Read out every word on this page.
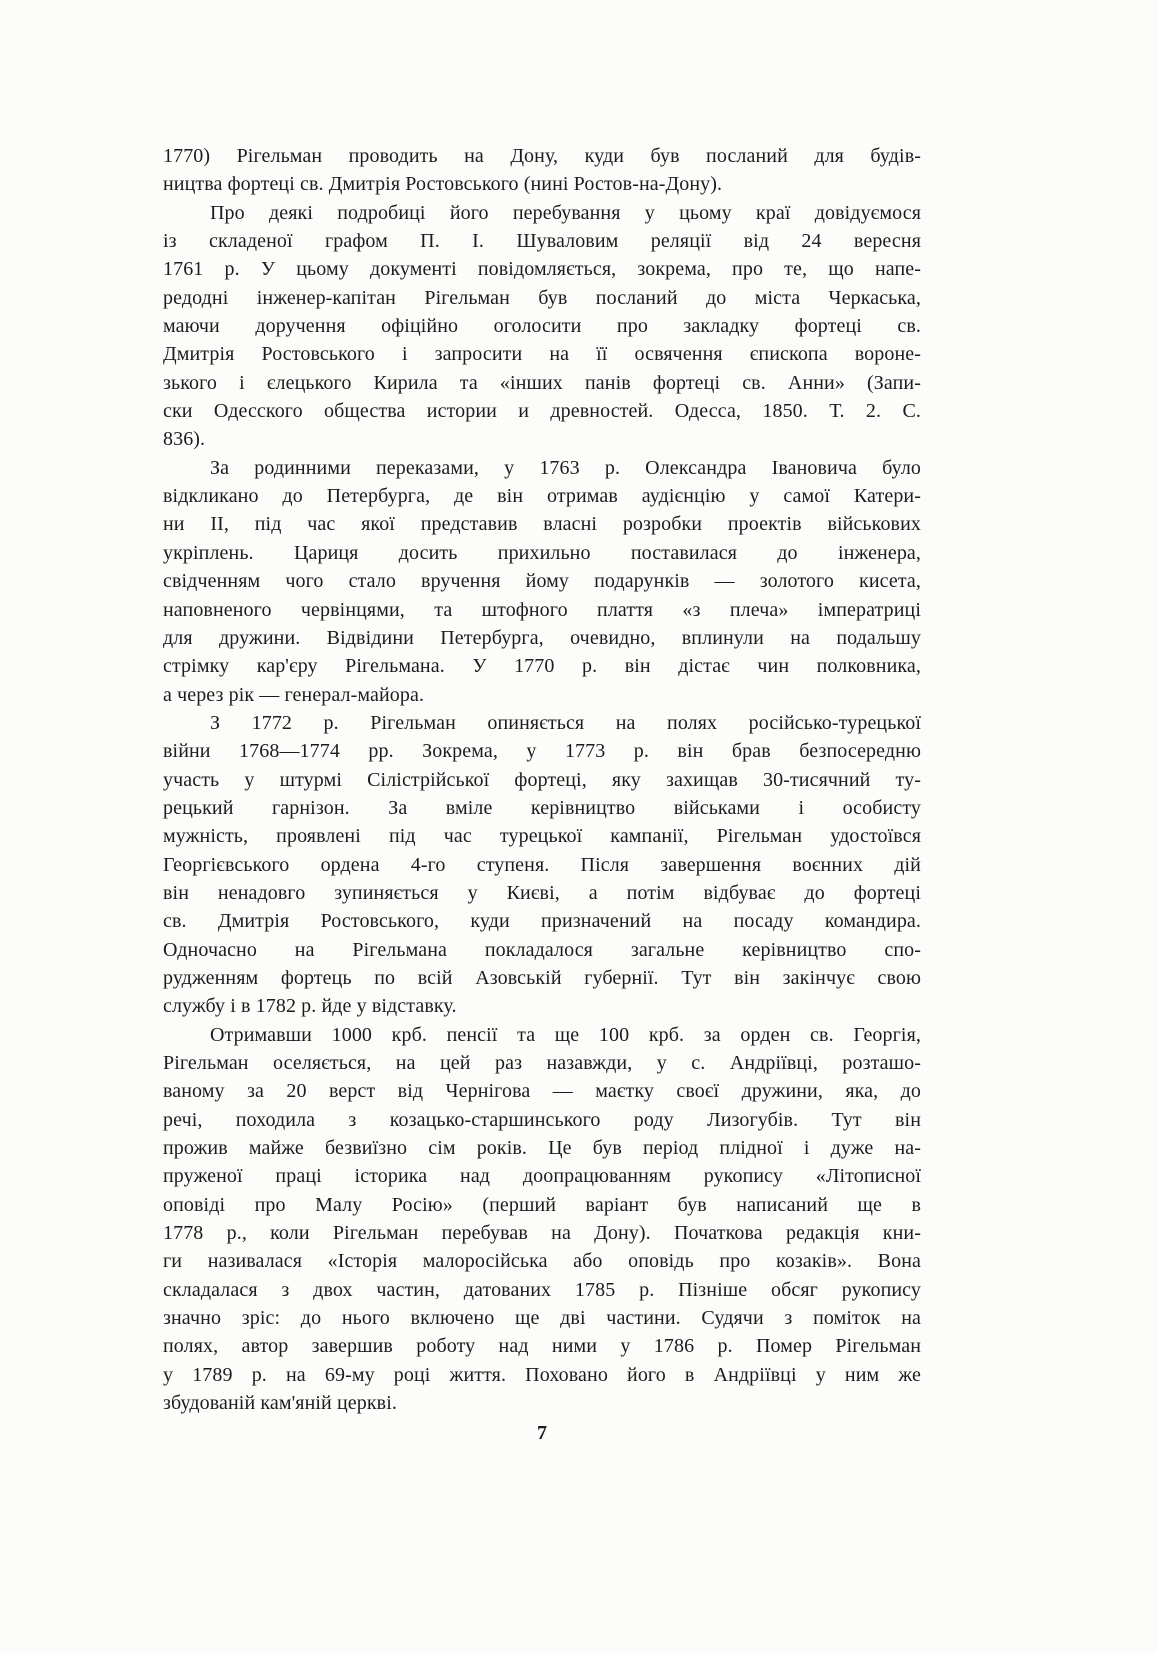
1770) Рігельман проводить на Дону, куди був посланий для будів-
ництва фортеці св. Дмитрія Ростовського (нині Ростов-на-Дону).

Про деякі подробиці його перебування у цьому краї довідуємося
із складеної графом П. І. Шуваловим реляції від 24 вересня
1761 р. У цьому документі повідомляється, зокрема, про те, що напе-
редодні інженер-капітан Рігельман був посланий до міста Черкаська,
маючи доручення офіційно оголосити про закладку фортеці св.
Дмитрія Ростовського і запросити на її освячення єпископа вороне-
зького і єлецького Кирила та «інших панів фортеці св. Анни» (Запи-
ски Одесского общества истории и древностей. Одесса, 1850. Т. 2. С.
836).

За родинними переказами, у 1763 р. Олександра Івановича було
відкликано до Петербурга, де він отримав аудієнцію у самої Катери-
ни II, під час якої представив власні розробки проектів військових
укріплень. Цариця досить прихильно поставилася до інженера,
свідченням чого стало вручення йому подарунків — золотого кисета,
наповненого червінцями, та штофного плаття «з плеча» імператриці
для дружини. Відвідини Петербурга, очевидно, вплинули на подальшу
стрімку кар'єру Рігельмана. У 1770 р. він дістає чин полковника,
а через рік — генерал-майора.

З 1772 р. Рігельман опиняється на полях російсько-турецької
війни 1768—1774 рр. Зокрема, у 1773 р. він брав безпосередню
участь у штурмі Сілістрійської фортеці, яку захищав 30-тисячний ту-
рецький гарнізон. За вміле керівництво військами і особисту
мужність, проявлені під час турецької кампанії, Рігельман удостоївся
Георгієвського ордена 4-го ступеня. Після завершення воєнних дій
він ненадовго зупиняється у Києві, а потім відбуває до фортеці
св. Дмитрія Ростовського, куди призначений на посаду командира.
Одночасно на Рігельмана покладалося загальне керівництво спо-
рудженням фортець по всій Азовській губернії. Тут він закінчує свою
службу і в 1782 р. йде у відставку.

Отримавши 1000 крб. пенсії та ще 100 крб. за орден св. Георгія,
Рігельман оселяється, на цей раз назавжди, у с. Андріївці, розташо-
ваному за 20 верст від Чернігова — маєтку своєї дружини, яка, до
речі, походила з козацько-старшинського роду Лизогубів. Тут він
прожив майже безвиїзно сім років. Це був період плідної і дуже на-
пруженої праці історика над доопрацюванням рукопису «Літописної
оповіді про Малу Росію» (перший варіант був написаний ще в
1778 р., коли Рігельман перебував на Дону). Початкова редакція кни-
ги називалася «Історія малоросійська або оповідь про козаків». Вона
складалася з двох частин, датованих 1785 р. Пізніше обсяг рукопису
значно зріс: до нього включено ще дві частини. Судячи з поміток на
полях, автор завершив роботу над ними у 1786 р. Помер Рігельман
у 1789 р. на 69-му році життя. Поховано його в Андріївці у ним же
збудованій кам'яній церкві.

7
